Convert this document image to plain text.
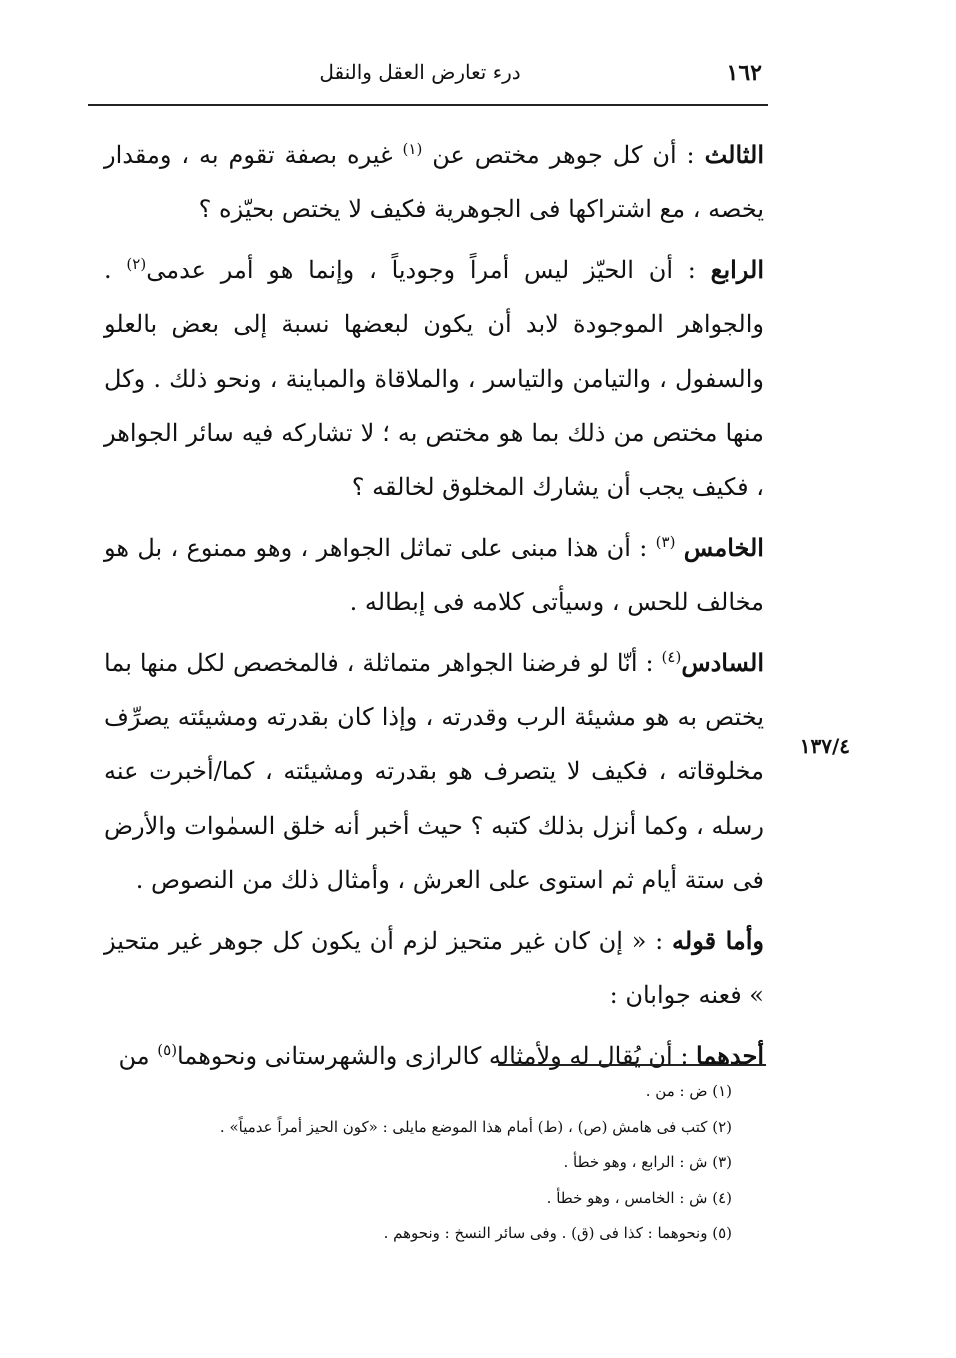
١٦٢
درء تعارض العقل والنقل

الثالث : أن كل جوهر مختص عن $^{(١)}$ غيره بصفة تقوم به ، ومقدار يخصه ، مع اشتراكها فى الجوهرية فكيف لا يختص بحيّزه ؟

الرابع : أن الحيّز ليس أمراً وجودياً ، وإنما هو أمر عدمى$^{(٢)}$ . والجواهر الموجودة لابد أن يكون لبعضها نسبة إلى بعض بالعلو والسفول ، والتيامن والتياسر ، والملاقاة والمباينة ، ونحو ذلك . وكل منها مختص من ذلك بما هو مختص به ؛ لا تشاركه فيه سائر الجواهر ، فكيف يجب أن يشارك المخلوق لخالقه ؟

الخامس $^{(٣)}$ : أن هذا مبنى على تماثل الجواهر ، وهو ممنوع ، بل هو مخالف للحس ، وسيأتى كلامه فى إبطاله .

السادس$^{(٤)}$ : أنّا لو فرضنا الجواهر متماثلة ، فالمخصص لكل منها بما يختص به هو مشيئة الرب وقدرته ، وإذا كان بقدرته ومشيئته يصرِّف مخلوقاته ، فكيف لا يتصرف هو بقدرته ومشيئته ، كما/أخبرت عنه رسله ، وكما أنزل بذلك كتبه ؟ حيث أخبر أنه خلق السمٰوات والأرض فى ستة أيام ثم استوى على العرش ، وأمثال ذلك من النصوص .

وأما قوله : « إن كان غير متحيز لزم أن يكون كل جوهر غير متحيز » فعنه جوابان :

أحدهما : أن يُقال له ولأمثاله كالرازى والشهرستانى ونحوهما$^{(٥)}$ من

١٣٧/٤

(١) ض : من .

(٢) كتب فى هامش (ص) ، (ط) أمام هذا الموضع مايلى : «كون الحيز أمراً عدمياً» .

(٣) ش : الرابع ، وهو خطأ .

(٤) ش : الخامس ، وهو خطأ .

(٥) ونحوهما : كذا فى (ق) . وفى سائر النسخ : ونحوهم .
